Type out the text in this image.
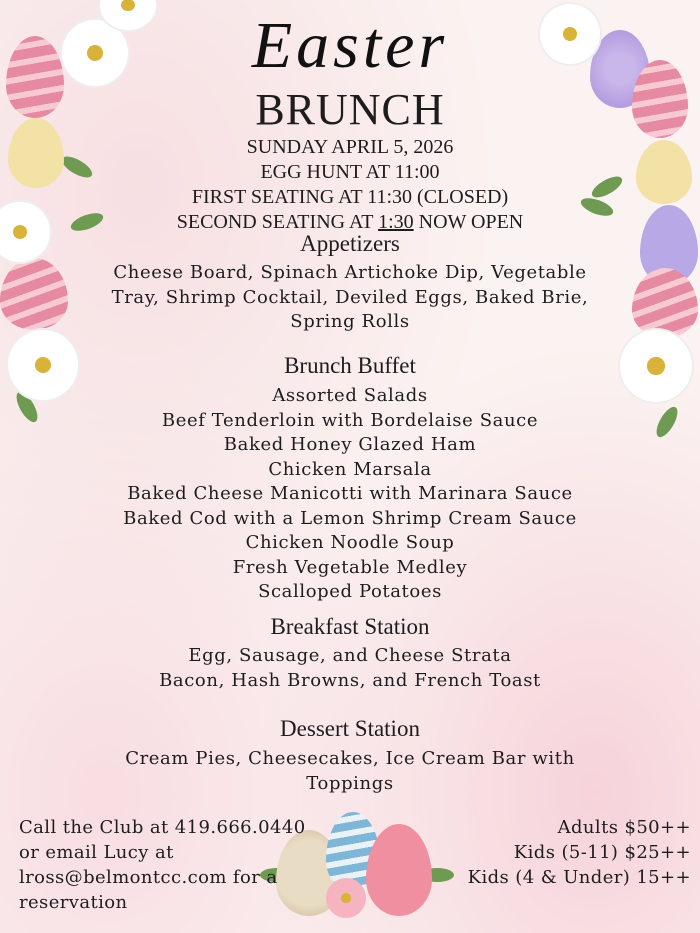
Easter
BRUNCH
SUNDAY APRIL 5, 2026
EGG HUNT AT 11:00
FIRST SEATING AT 11:30 (CLOSED)
SECOND SEATING AT 1:30 NOW OPEN
Appetizers
Cheese Board, Spinach Artichoke Dip, Vegetable
Tray, Shrimp Cocktail, Deviled Eggs, Baked Brie,
Spring Rolls
Brunch Buffet
Assorted Salads
Beef Tenderloin with Bordelaise Sauce
Baked Honey Glazed Ham
Chicken Marsala
Baked Cheese Manicotti with Marinara Sauce
Baked Cod with a Lemon Shrimp Cream Sauce
Chicken Noodle Soup
Fresh Vegetable Medley
Scalloped Potatoes
Breakfast Station
Egg, Sausage, and Cheese Strata
Bacon, Hash Browns, and French Toast
Dessert Station
Cream Pies, Cheesecakes, Ice Cream Bar with
Toppings
Call the Club at 419.666.0440
or email Lucy at
lross@belmontcc.com for a
reservation
Adults $50++
Kids (5-11) $25++
Kids (4 & Under) 15++
